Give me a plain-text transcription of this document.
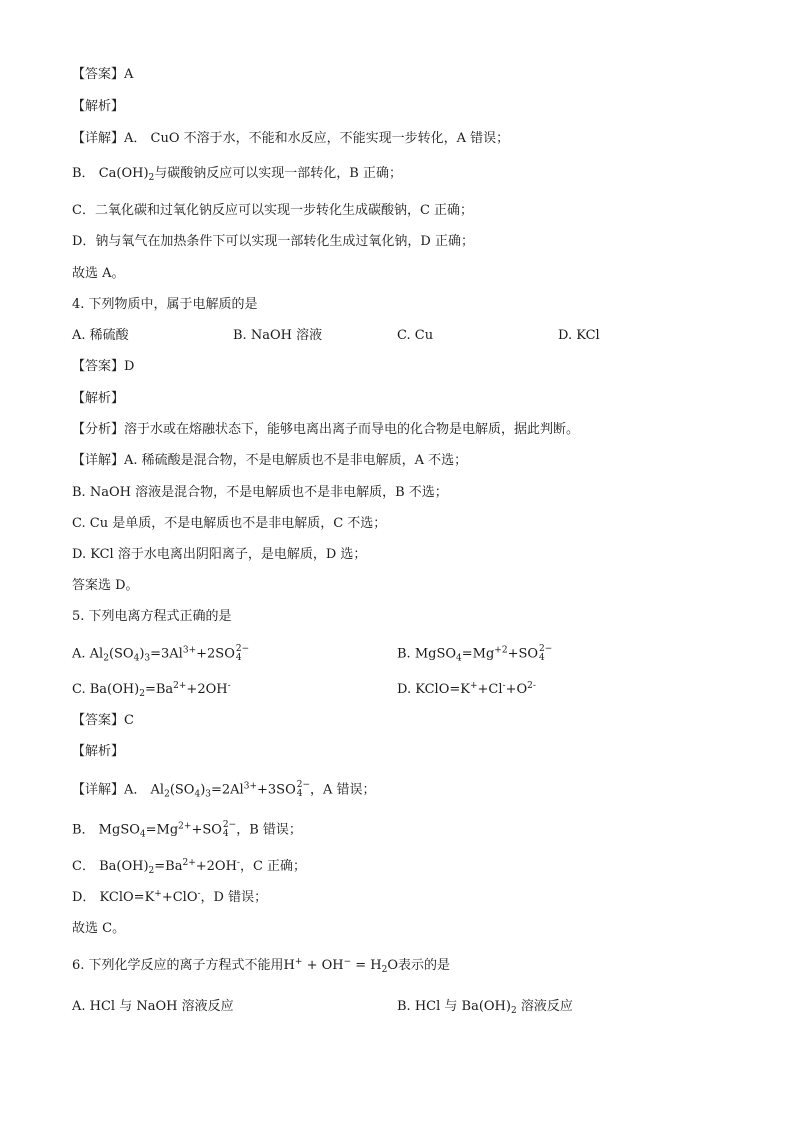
【答案】A
【解析】
【详解】A． CuO 不溶于水，不能和水反应，不能实现一步转化，A 错误；
B． $Ca(OH)_2$与碳酸钠反应可以实现一部转化，B 正确；
C．二氧化碳和过氧化钠反应可以实现一步转化生成碳酸钠，C 正确；
D．钠与氧气在加热条件下可以实现一部转化生成过氧化钠，D 正确；
故选 A。
4. 下列物质中，属于电解质的是
A. 稀硫酸	B. NaOH 溶液	C. Cu	D. KCl
【答案】D
【解析】
【分析】溶于水或在熔融状态下，能够电离出离子而导电的化合物是电解质，据此判断。
【详解】A. 稀硫酸是混合物，不是电解质也不是非电解质，A 不选；
B. NaOH 溶液是混合物，不是电解质也不是非电解质，B 不选；
C. Cu 是单质，不是电解质也不是非电解质，C 不选；
D. KCl 溶于水电离出阴阳离子，是电解质，D 选；
答案选 D。
5. 下列电离方程式正确的是
A. $Al_2(SO_4)_3=3Al^{3+}+2SO$ 2−
4	B. $MgSO_4=Mg^{+2}+SO$ 2−
4
C. $Ba(OH)_2=Ba^{2+}+2OH^-$	D. $KClO=K^++Cl^-+O^{2-}$
【答案】C
【解析】
【详解】A． $Al_2(SO_4)_3=2Al^{3+}+3SO$ 2−
4 ，A 错误；
B． $MgSO_4=Mg^{2+}+SO$ 2−
4 ，B 错误；
C． $Ba(OH)_2=Ba^{2+}+2OH^-$，C 正确；
D． KClO=K++ClO-，D 错误；
故选 C。
6. 下列化学反应的离子方程式不能用$H^+ + OH^- = H_2O$表示的是
A. HCl 与 NaOH 溶液反应	B. HCl 与 $Ba(OH)_2$ 溶液反应
